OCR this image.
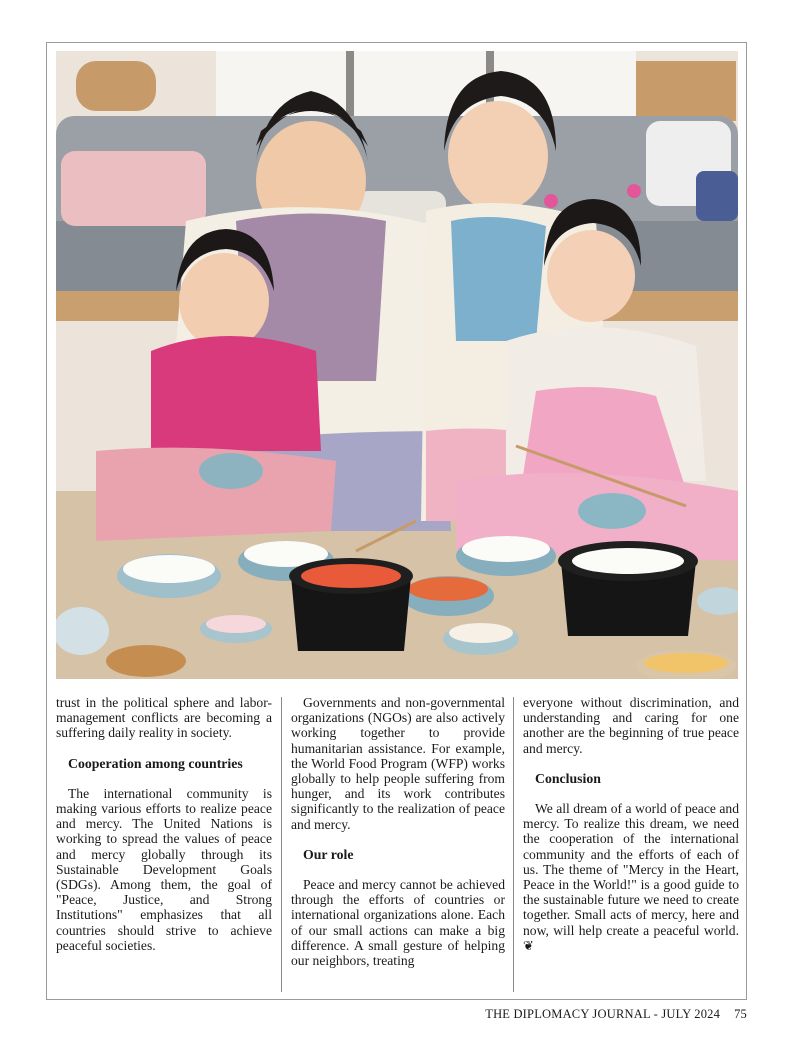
trust in the political sphere and labor-management conflicts are becoming a suffering daily reality in society.

Cooperation among countries

The international community is making various efforts to realize peace and mercy. The United Nations is working to spread the values of peace and mercy globally through its Sustainable Development Goals (SDGs). Among them, the goal of "Peace, Justice, and Strong Institutions" emphasizes that all countries should strive to achieve peaceful societies.

Governments and non-governmental organizations (NGOs) are also actively working together to provide humanitarian assistance. For example, the World Food Program (WFP) works globally to help people suffering from hunger, and its work contributes significantly to the realization of peace and mercy.

Our role

Peace and mercy cannot be achieved through the efforts of countries or international organizations alone. Each of our small actions can make a big difference. A small gesture of helping our neighbors, treating

everyone without discrimination, and understanding and caring for one another are the beginning of true peace and mercy.

Conclusion

We all dream of a world of peace and mercy. To realize this dream, we need the cooperation of the international community and the efforts of each of us. The theme of "Mercy in the Heart, Peace in the World!" is a good guide to the sustainable future we need to create together. Small acts of mercy, here and now, will help create a peaceful world. ❦

THE DIPLOMACY JOURNAL - JULY 2024 75
